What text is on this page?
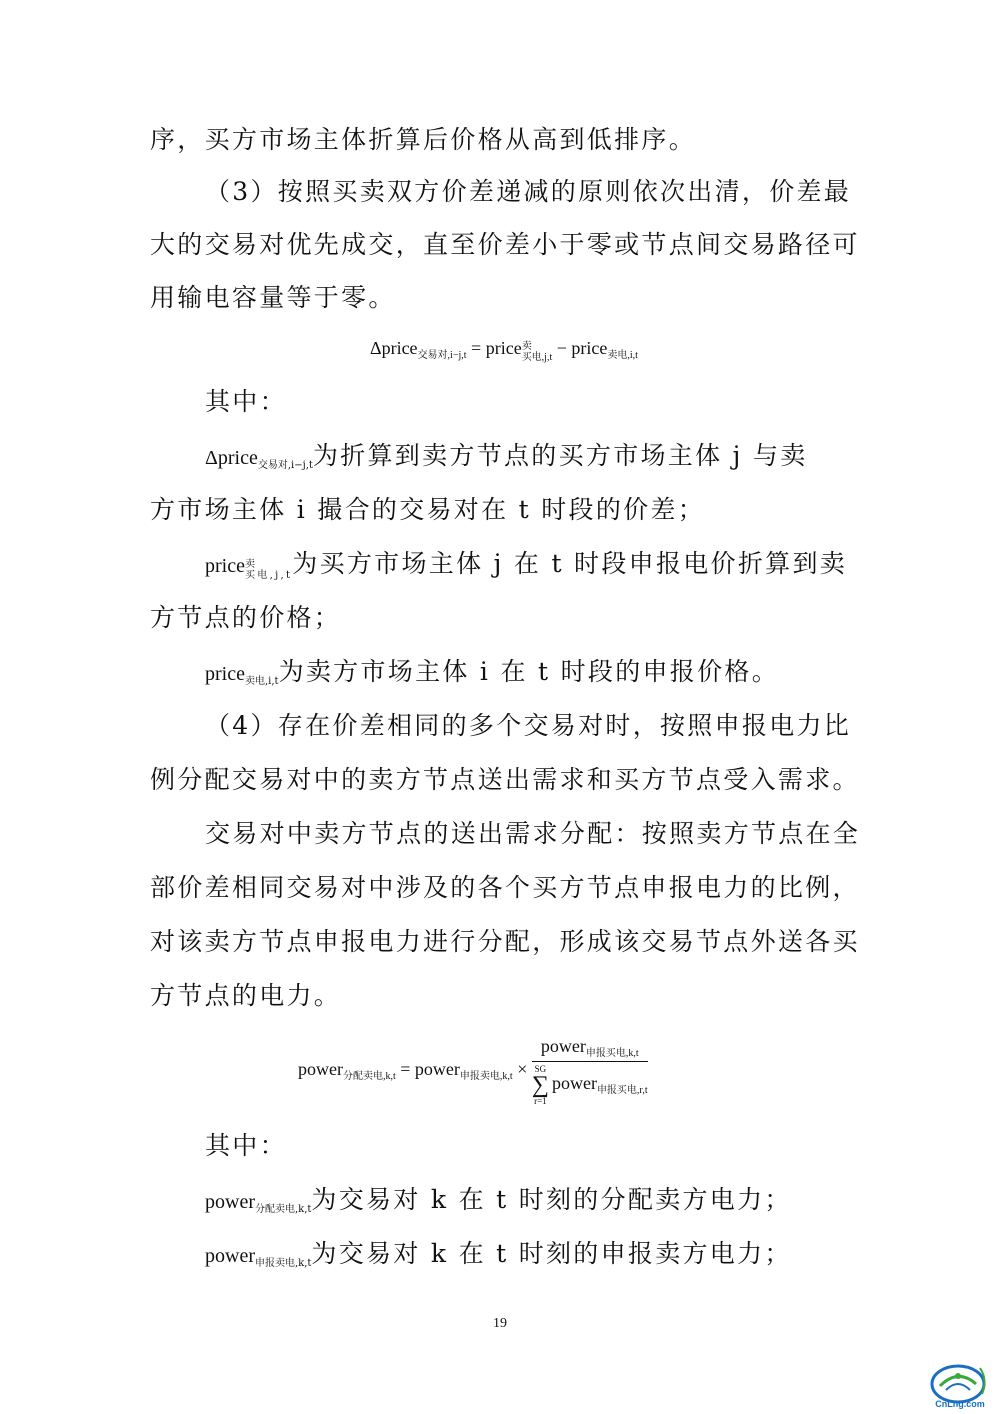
序，买方市场主体折算后价格从高到低排序。
（3）按照买卖双方价差递减的原则依次出清，价差最
大的交易对优先成交，直至价差小于零或节点间交易路径可
用输电容量等于零。
Δprice$_{交易对,i-j,t}$ = price 卖
买电,j,t − price$_{卖电,i,t}$
其中：
Δprice$_{交易对,i-j,t}$为折算到卖方节点的买方市场主体 j 与卖
方市场主体 i 撮合的交易对在 t 时段的价差；
price 卖
买电,j,t 为买方市场主体 j 在 t 时段申报电价折算到卖
方节点的价格；
price$_{卖电,i,t}$为卖方市场主体 i 在 t 时段的申报价格。
（4）存在价差相同的多个交易对时，按照申报电力比
例分配交易对中的卖方节点送出需求和买方节点受入需求。
交易对中卖方节点的送出需求分配：按照卖方节点在全
部价差相同交易对中涉及的各个买方节点申报电力的比例，
对该卖方节点申报电力进行分配，形成该交易节点外送各买
方节点的电力。
power$_{分配卖电,k,t}$ = power$_{申报卖电,k,t}$ × power$_{申报买电,k,t}$
SG
∑
r=1power$_{申报买电,r,t}$
其中：
power$_{分配卖电,k,t}$为交易对 k 在 t 时刻的分配卖方电力；
power$_{申报卖电,k,t}$为交易对 k 在 t 时刻的申报卖方电力；
19
CnLng.com
